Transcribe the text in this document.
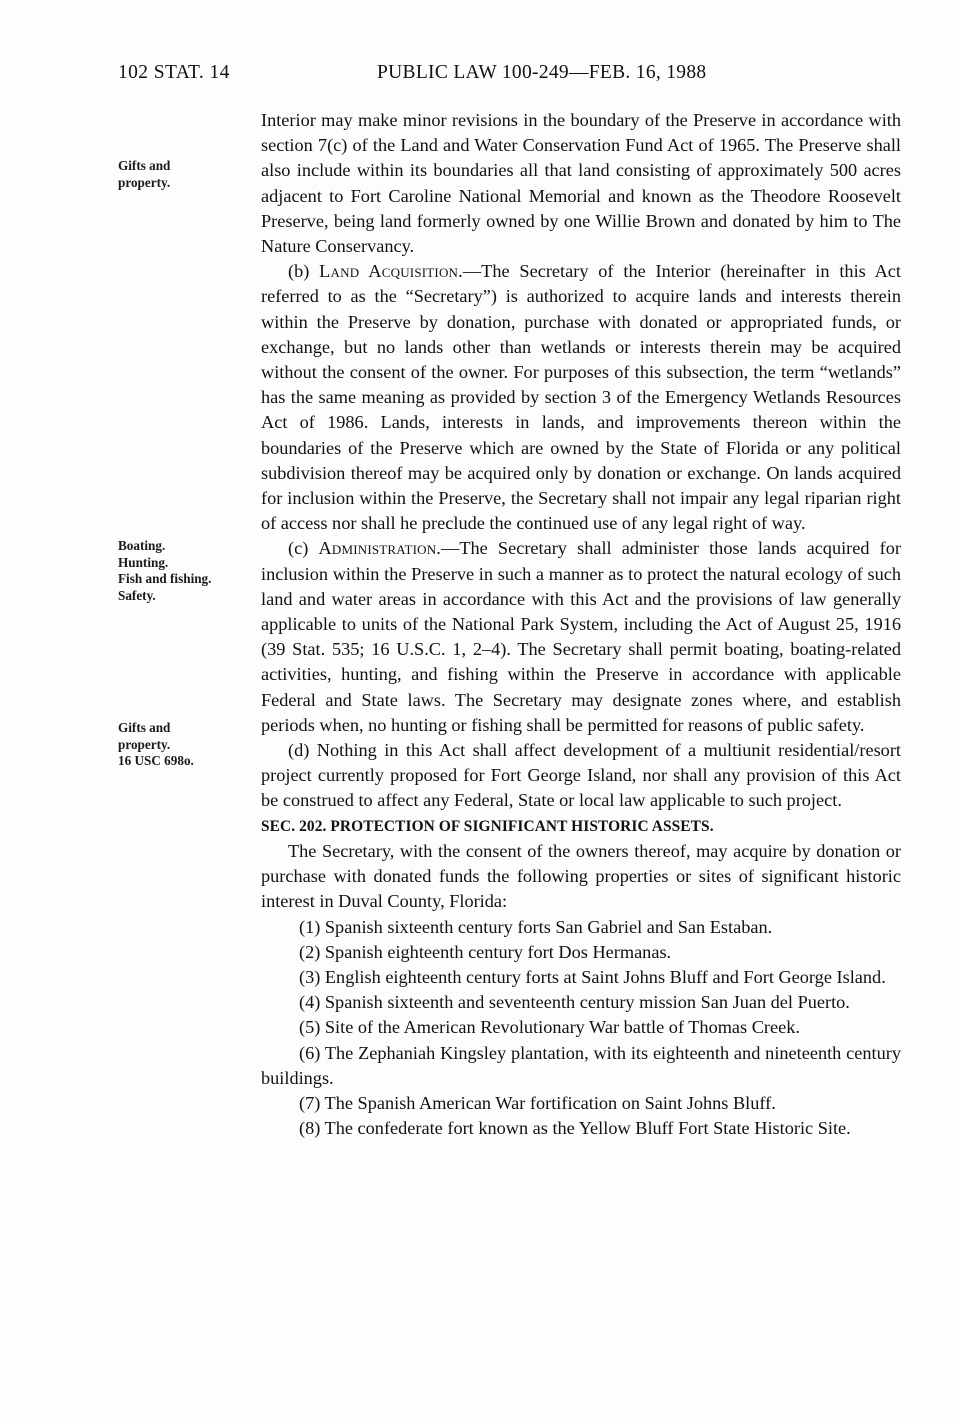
102 STAT. 14	PUBLIC LAW 100-249—FEB. 16, 1988
Gifts and
property.
Boating.
Hunting.
Fish and fishing.
Safety.
Gifts and
property.
16 USC 698o.

Interior may make minor revisions in the boundary of the Preserve in accordance with section 7(c) of the Land and Water Conservation Fund Act of 1965. The Preserve shall also include within its boundaries all that land consisting of approximately 500 acres adjacent to Fort Caroline National Memorial and known as the Theodore Roosevelt Preserve, being land formerly owned by one Willie Brown and donated by him to The Nature Conservancy.

(b) Land Acquisition.—The Secretary of the Interior (hereinafter in this Act referred to as the “Secretary”) is authorized to acquire lands and interests therein within the Preserve by donation, purchase with donated or appropriated funds, or exchange, but no lands other than wetlands or interests therein may be acquired without the consent of the owner. For purposes of this subsection, the term “wetlands” has the same meaning as provided by section 3 of the Emergency Wetlands Resources Act of 1986. Lands, interests in lands, and improvements thereon within the boundaries of the Preserve which are owned by the State of Florida or any political subdivision thereof may be acquired only by donation or exchange. On lands acquired for inclusion within the Preserve, the Secretary shall not impair any legal riparian right of access nor shall he preclude the continued use of any legal right of way.

(c) Administration.—The Secretary shall administer those lands acquired for inclusion within the Preserve in such a manner as to protect the natural ecology of such land and water areas in accordance with this Act and the provisions of law generally applicable to units of the National Park System, including the Act of August 25, 1916 (39 Stat. 535; 16 U.S.C. 1, 2–4). The Secretary shall permit boating, boating-related activities, hunting, and fishing within the Preserve in accordance with applicable Federal and State laws. The Secretary may designate zones where, and establish periods when, no hunting or fishing shall be permitted for reasons of public safety.

(d) Nothing in this Act shall affect development of a multiunit residential/resort project currently proposed for Fort George Island, nor shall any provision of this Act be construed to affect any Federal, State or local law applicable to such project.

SEC. 202. PROTECTION OF SIGNIFICANT HISTORIC ASSETS.

The Secretary, with the consent of the owners thereof, may acquire by donation or purchase with donated funds the following properties or sites of significant historic interest in Duval County, Florida:

(1) Spanish sixteenth century forts San Gabriel and San Estaban.

(2) Spanish eighteenth century fort Dos Hermanas.

(3) English eighteenth century forts at Saint Johns Bluff and Fort George Island.

(4) Spanish sixteenth and seventeenth century mission San Juan del Puerto.

(5) Site of the American Revolutionary War battle of Thomas Creek.

(6) The Zephaniah Kingsley plantation, with its eighteenth and nineteenth century buildings.

(7) The Spanish American War fortification on Saint Johns Bluff.

(8) The confederate fort known as the Yellow Bluff Fort State Historic Site.
